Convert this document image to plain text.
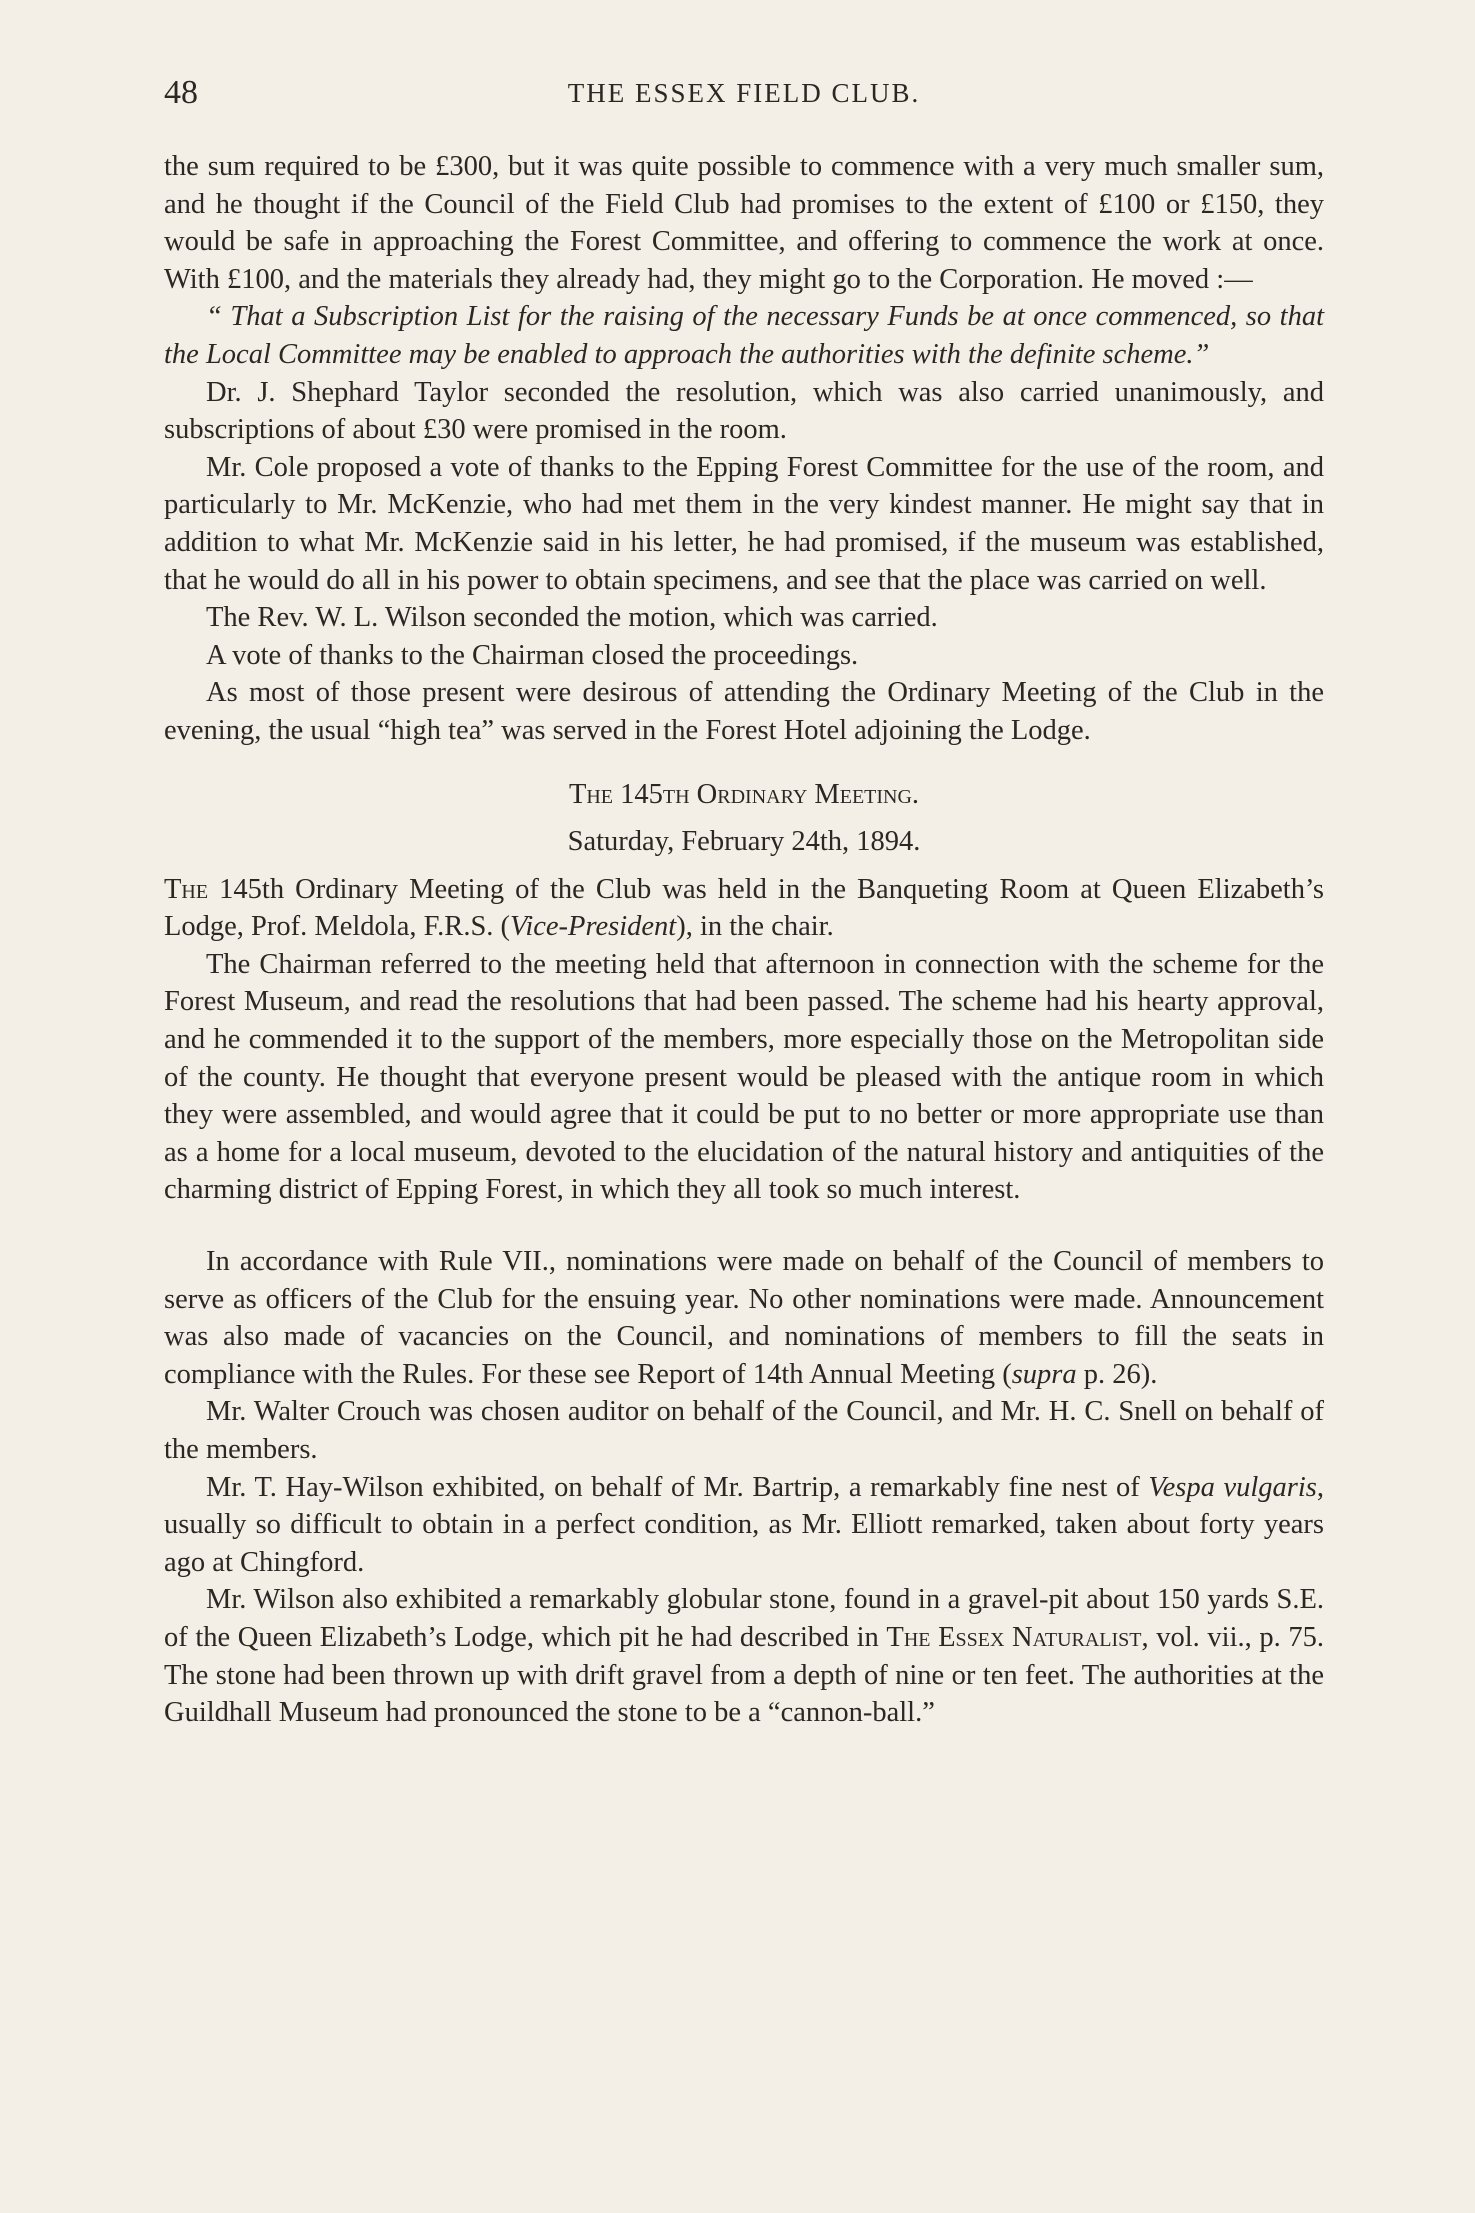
48	THE ESSEX FIELD CLUB.

the sum required to be £300, but it was quite possible to commence with a very much smaller sum, and he thought if the Council of the Field Club had promises to the extent of £100 or £150, they would be safe in approaching the Forest Committee, and offering to commence the work at once. With £100, and the materials they already had, they might go to the Corporation. He moved :—

“ That a Subscription List for the raising of the necessary Funds be at once commenced, so that the Local Committee may be enabled to approach the authorities with the definite scheme.”

Dr. J. Shephard Taylor seconded the resolution, which was also carried unanimously, and subscriptions of about £30 were promised in the room.

Mr. Cole proposed a vote of thanks to the Epping Forest Committee for the use of the room, and particularly to Mr. McKenzie, who had met them in the very kindest manner. He might say that in addition to what Mr. McKenzie said in his letter, he had promised, if the museum was established, that he would do all in his power to obtain specimens, and see that the place was carried on well.

The Rev. W. L. Wilson seconded the motion, which was carried.

A vote of thanks to the Chairman closed the proceedings.

As most of those present were desirous of attending the Ordinary Meeting of the Club in the evening, the usual “high tea” was served in the Forest Hotel adjoining the Lodge.

The 145th Ordinary Meeting.

Saturday, February 24th, 1894.

The 145th Ordinary Meeting of the Club was held in the Banqueting Room at Queen Elizabeth’s Lodge, Prof. Meldola, F.R.S. (Vice-President), in the chair.

The Chairman referred to the meeting held that afternoon in connection with the scheme for the Forest Museum, and read the resolutions that had been passed. The scheme had his hearty approval, and he commended it to the support of the members, more especially those on the Metropolitan side of the county. He thought that everyone present would be pleased with the antique room in which they were assembled, and would agree that it could be put to no better or more appropriate use than as a home for a local museum, devoted to the elucidation of the natural history and antiquities of the charming district of Epping Forest, in which they all took so much interest.

In accordance with Rule VII., nominations were made on behalf of the Council of members to serve as officers of the Club for the ensuing year. No other nominations were made. Announcement was also made of vacancies on the Council, and nominations of members to fill the seats in compliance with the Rules. For these see Report of 14th Annual Meeting (supra p. 26).

Mr. Walter Crouch was chosen auditor on behalf of the Council, and Mr. H. C. Snell on behalf of the members.

Mr. T. Hay-Wilson exhibited, on behalf of Mr. Bartrip, a remarkably fine nest of Vespa vulgaris, usually so difficult to obtain in a perfect condition, as Mr. Elliott remarked, taken about forty years ago at Chingford.

Mr. Wilson also exhibited a remarkably globular stone, found in a gravel-pit about 150 yards S.E. of the Queen Elizabeth’s Lodge, which pit he had described in The Essex Naturalist, vol. vii., p. 75. The stone had been thrown up with drift gravel from a depth of nine or ten feet. The authorities at the Guildhall Museum had pronounced the stone to be a “cannon-ball.”
